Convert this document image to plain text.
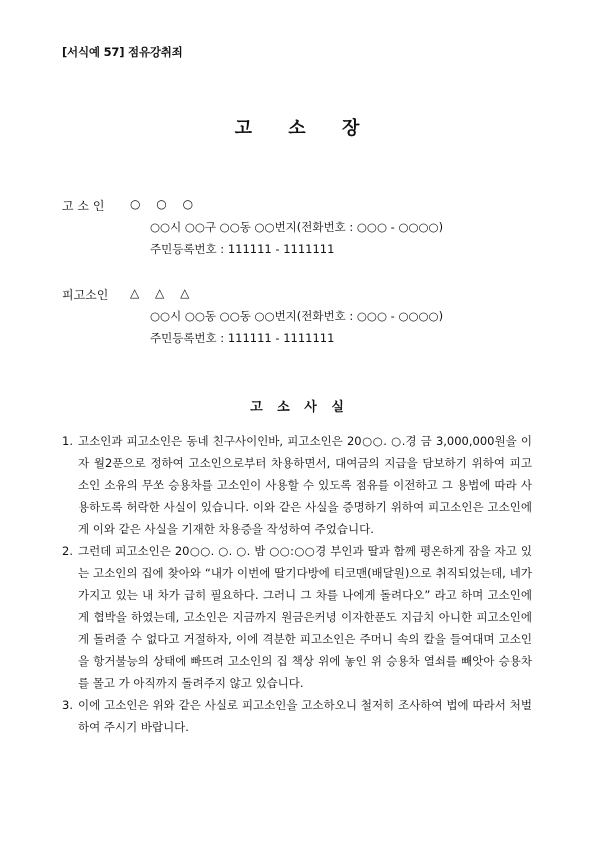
[서식예 57] 점유강취죄
고 소 장
고 소 인 ○ ○ ○
○○시 ○○구 ○○동 ○○번지(전화번호 : ○○○ - ○○○○)
주민등록번호 : 111111 - 1111111
피고소인 △ △ △
○○시 ○○동 ○○동 ○○번지(전화번호 : ○○○ - ○○○○)
주민등록번호 : 111111 - 1111111
고 소 사 실
1. 고소인과 피고소인은 동네 친구사이인바, 피고소인은 20○○. ○.경 금 3,000,000원을 이자 월2푼으로 정하여 고소인으로부터 차용하면서, 대여금의 지급을 담보하기 위하여 피고소인 소유의 무쏘 승용차를 고소인이 사용할 수 있도록 점유를 이전하고 그 용법에 따라 사용하도록 허락한 사실이 있습니다. 이와 같은 사실을 증명하기 위하여 피고소인은 고소인에게 이와 같은 사실을 기재한 차용증을 작성하여 주었습니다.
2. 그런데 피고소인은 20○○. ○. ○. 밤 ○○:○○경 부인과 딸과 함께 평온하게 잠을 자고 있는 고소인의 집에 찾아와 “내가 이번에 딸기다방에 티코맨(배달원)으로 취직되었는데, 네가 가지고 있는 내 차가 급히 필요하다. 그러니 그 차를 나에게 돌려다오” 라고 하며 고소인에게 협박을 하였는데, 고소인은 지금까지 원금은커녕 이자한푼도 지급치 아니한 피고소인에게 돌려줄 수 없다고 거절하자, 이에 격분한 피고소인은 주머니 속의 칼을 들여대며 고소인을 항거불능의 상태에 빠뜨려 고소인의 집 책상 위에 놓인 위 승용차 열쇠를 빼앗아 승용차를 몰고 가 아직까지 돌려주지 않고 있습니다.
3. 이에 고소인은 위와 같은 사실로 피고소인을 고소하오니 철저히 조사하여 법에 따라서 처벌하여 주시기 바랍니다.
